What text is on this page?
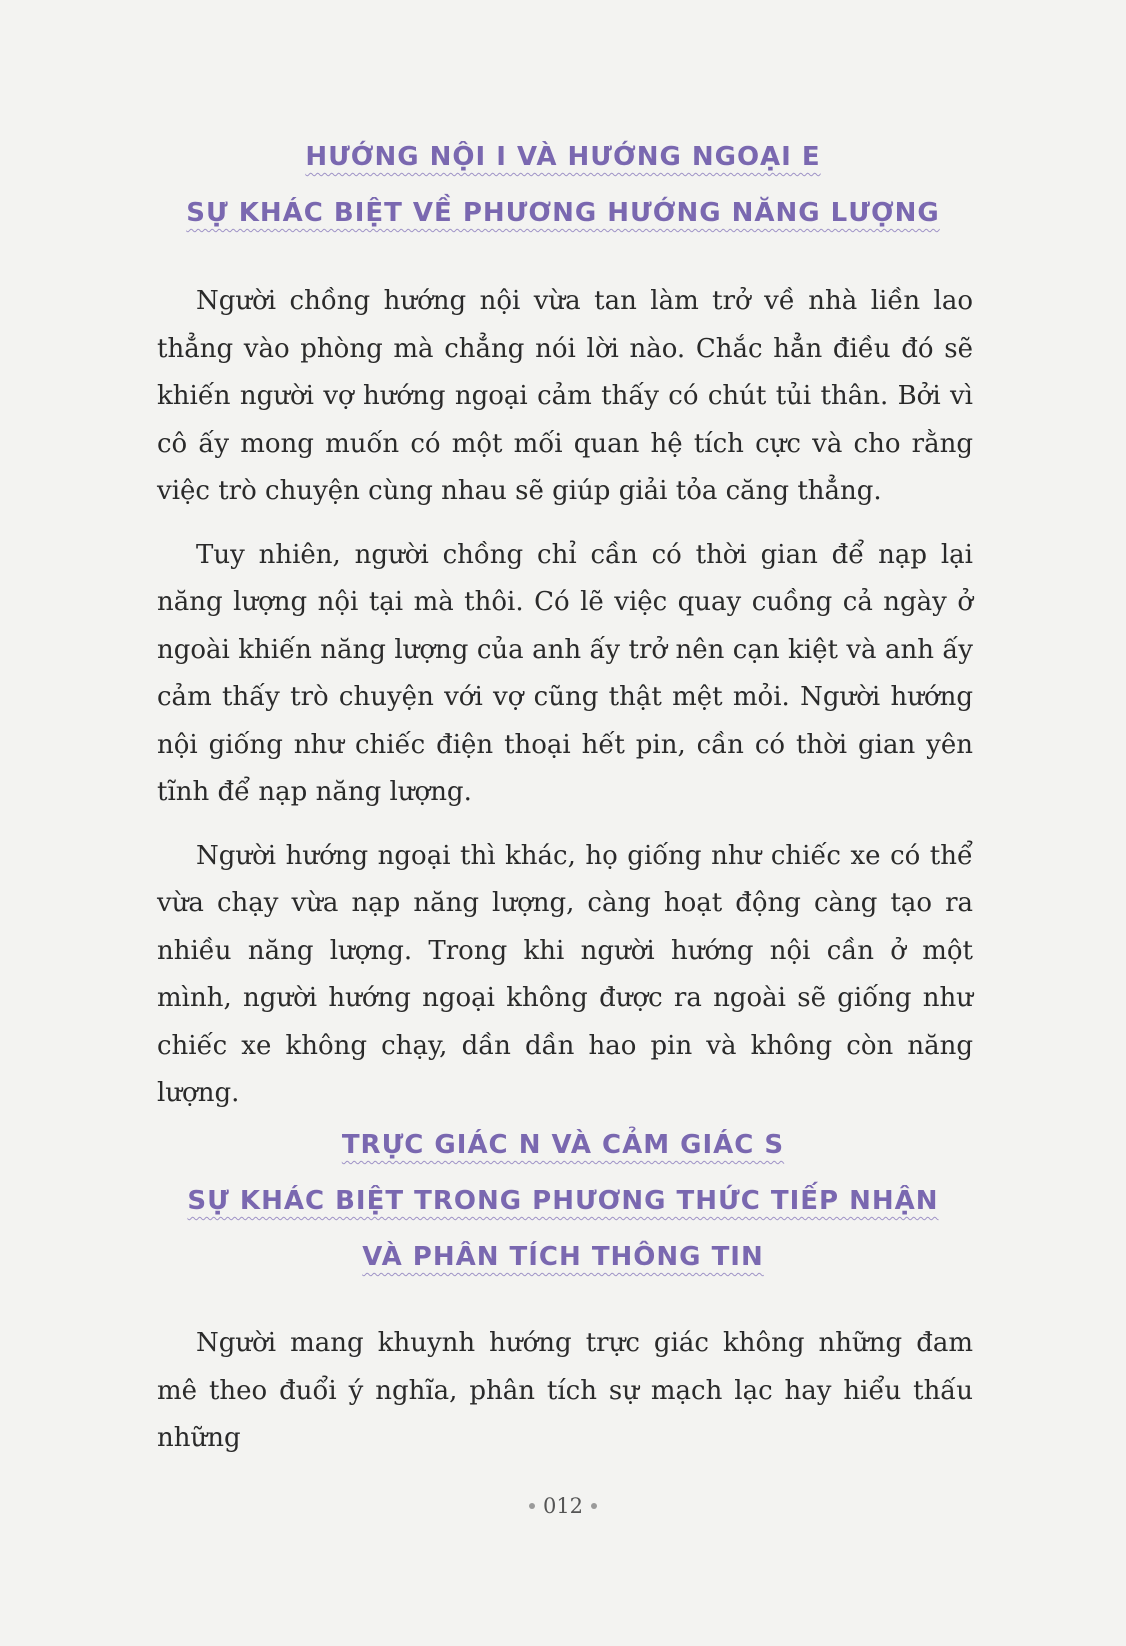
HƯỚNG NỘI I VÀ HƯỚNG NGOẠI E
SỰ KHÁC BIỆT VỀ PHƯƠNG HƯỚNG NĂNG LƯỢNG

Người chồng hướng nội vừa tan làm trở về nhà liền lao thẳng vào phòng mà chẳng nói lời nào. Chắc hẳn điều đó sẽ khiến người vợ hướng ngoại cảm thấy có chút tủi thân. Bởi vì cô ấy mong muốn có một mối quan hệ tích cực và cho rằng việc trò chuyện cùng nhau sẽ giúp giải tỏa căng thẳng.

Tuy nhiên, người chồng chỉ cần có thời gian để nạp lại năng lượng nội tại mà thôi. Có lẽ việc quay cuồng cả ngày ở ngoài khiến năng lượng của anh ấy trở nên cạn kiệt và anh ấy cảm thấy trò chuyện với vợ cũng thật mệt mỏi. Người hướng nội giống như chiếc điện thoại hết pin, cần có thời gian yên tĩnh để nạp năng lượng.

Người hướng ngoại thì khác, họ giống như chiếc xe có thể vừa chạy vừa nạp năng lượng, càng hoạt động càng tạo ra nhiều năng lượng. Trong khi người hướng nội cần ở một mình, người hướng ngoại không được ra ngoài sẽ giống như chiếc xe không chạy, dần dần hao pin và không còn năng lượng.

TRỰC GIÁC N VÀ CẢM GIÁC S
SỰ KHÁC BIỆT TRONG PHƯƠNG THỨC TIẾP NHẬN
VÀ PHÂN TÍCH THÔNG TIN

Người mang khuynh hướng trực giác không những đam mê theo đuổi ý nghĩa, phân tích sự mạch lạc hay hiểu thấu những

012
